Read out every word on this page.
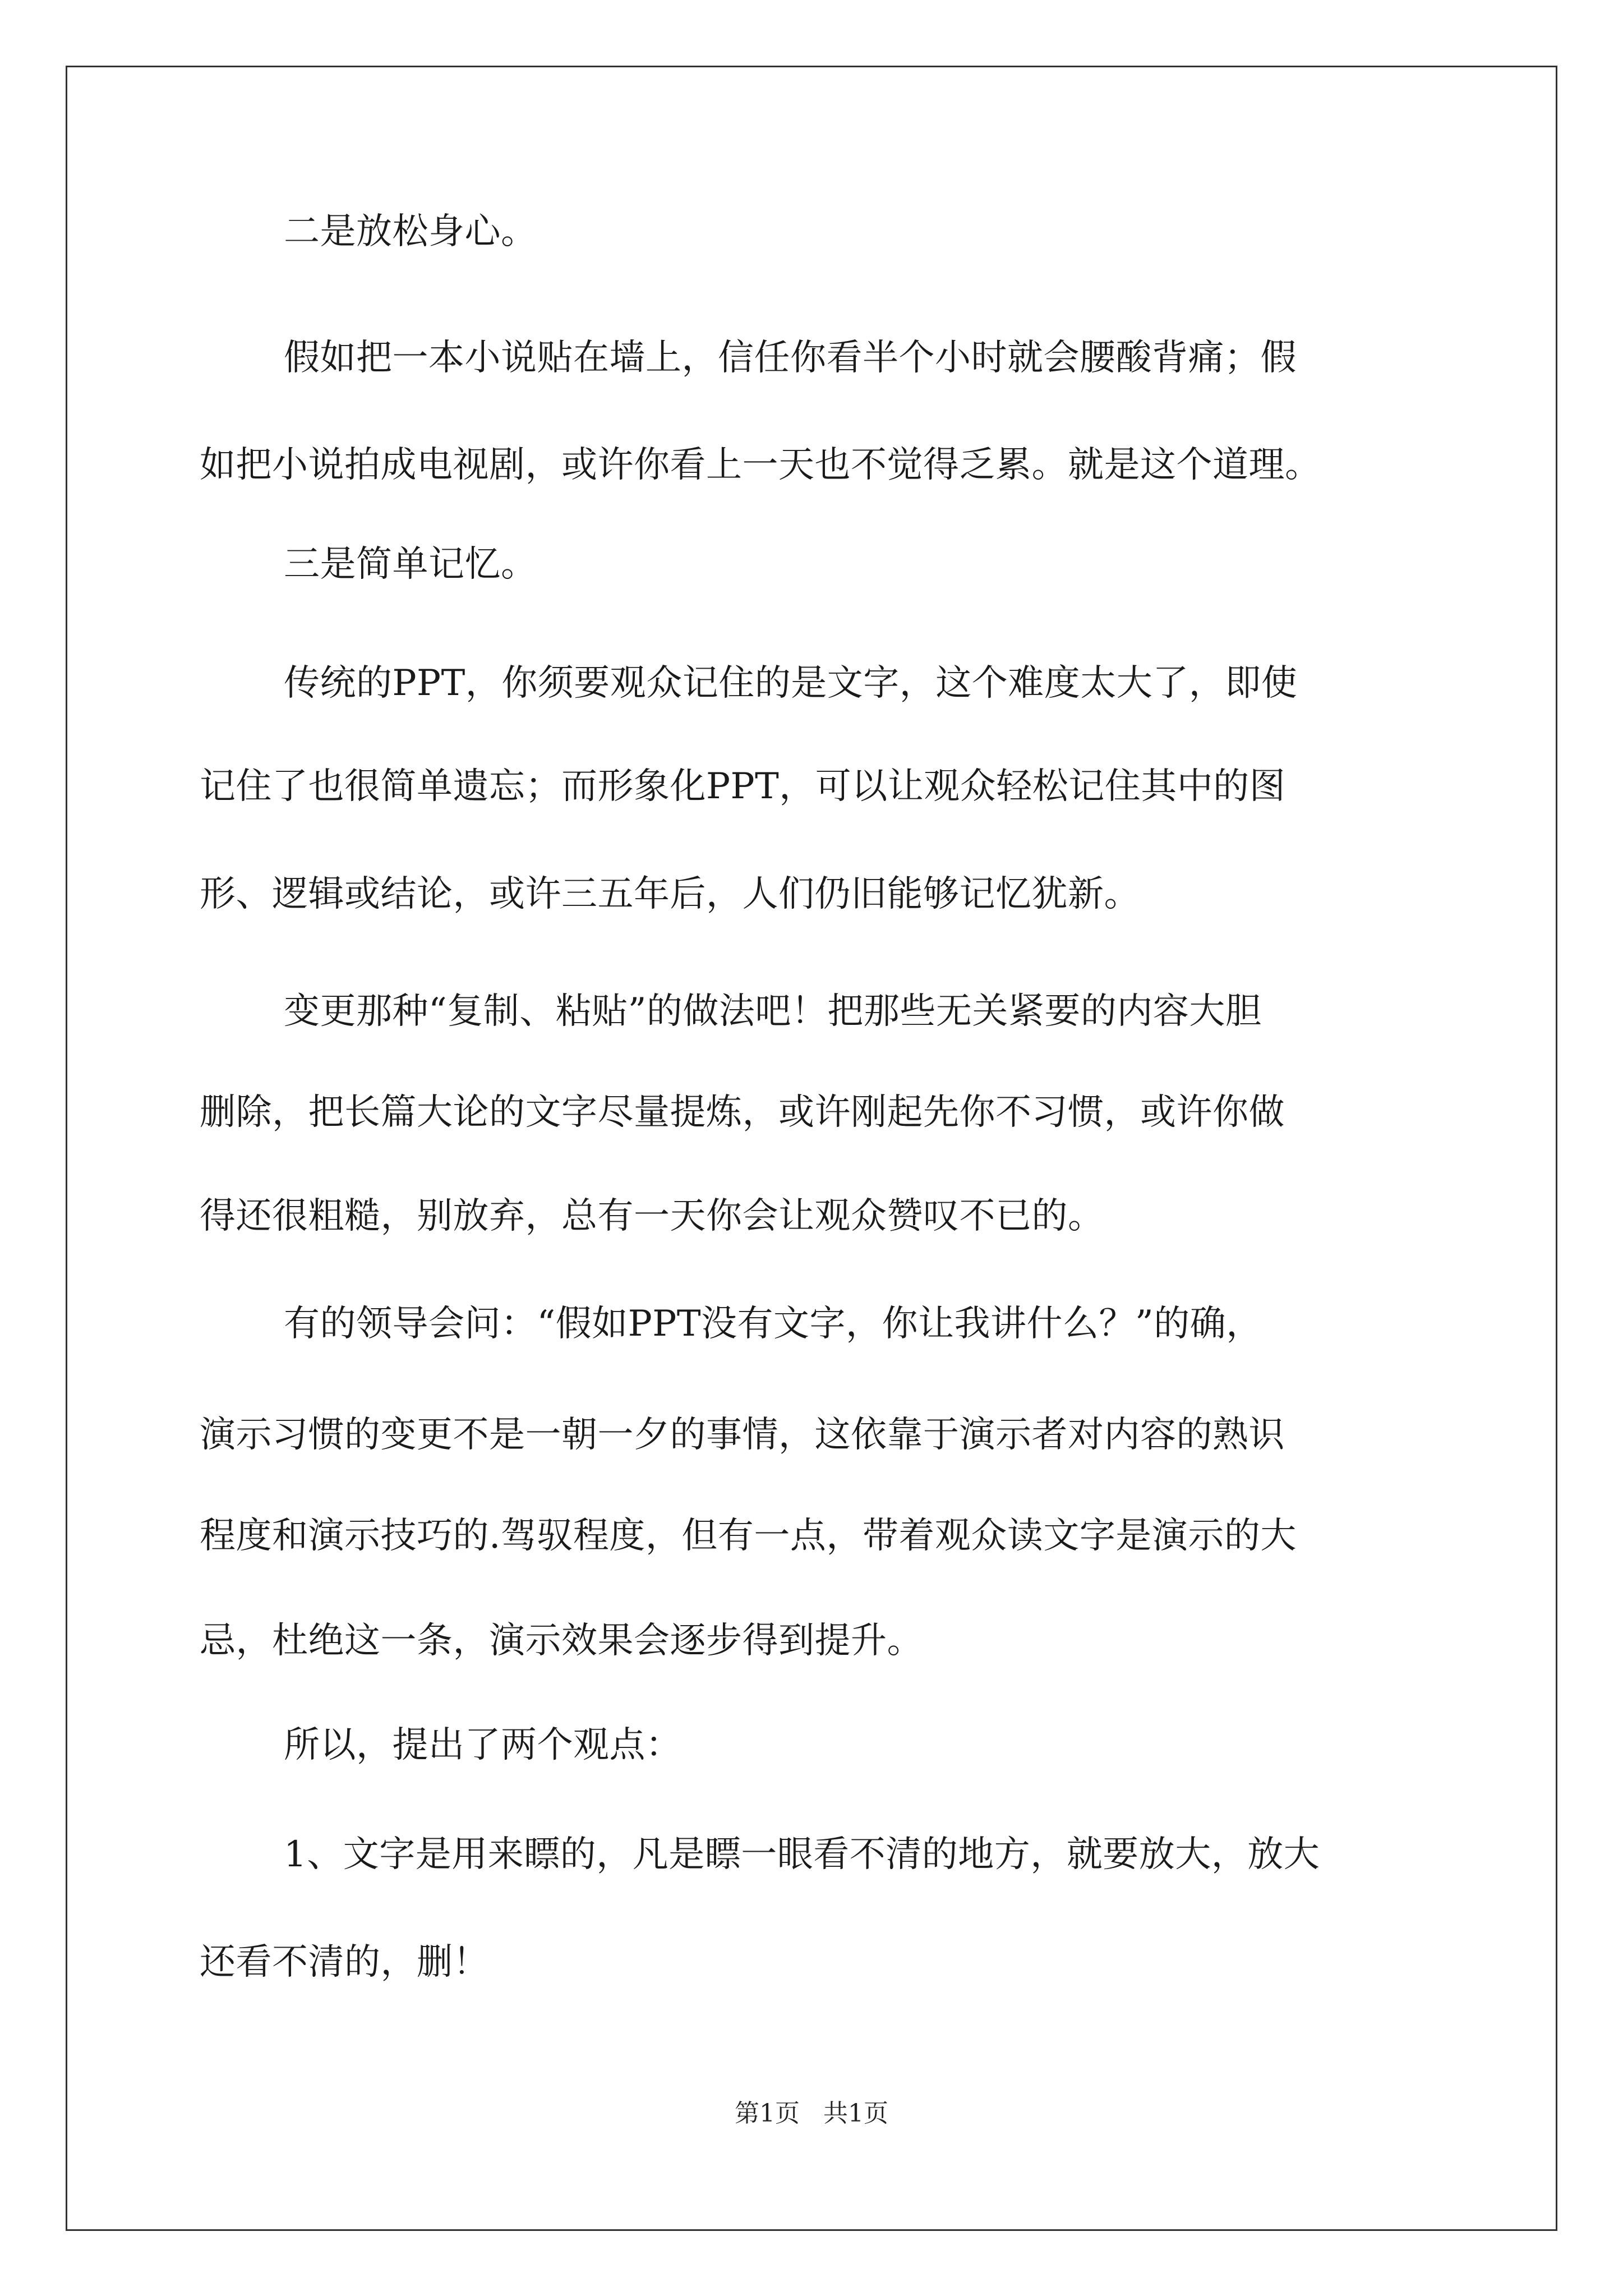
二是放松身心。
假如把一本小说贴在墙上，信任你看半个小时就会腰酸背痛；假
如把小说拍成电视剧，或许你看上一天也不觉得乏累。就是这个道理。
三是简单记忆。
传统的PPT，你须要观众记住的是文字，这个难度太大了，即使
记住了也很简单遗忘；而形象化PPT，可以让观众轻松记住其中的图
形、逻辑或结论，或许三五年后，人们仍旧能够记忆犹新。
变更那种“复制、粘贴”的做法吧！把那些无关紧要的内容大胆
删除，把长篇大论的文字尽量提炼，或许刚起先你不习惯，或许你做
得还很粗糙，别放弃，总有一天你会让观众赞叹不已的。
有的领导会问：“假如PPT没有文字，你让我讲什么？”的确，
演示习惯的变更不是一朝一夕的事情，这依靠于演示者对内容的熟识
程度和演示技巧的.驾驭程度，但有一点，带着观众读文字是演示的大
忌，杜绝这一条，演示效果会逐步得到提升。
所以，提出了两个观点：
1、文字是用来瞟的，凡是瞟一眼看不清的地方，就要放大，放大
还看不清的，删！
第1页   共1页
